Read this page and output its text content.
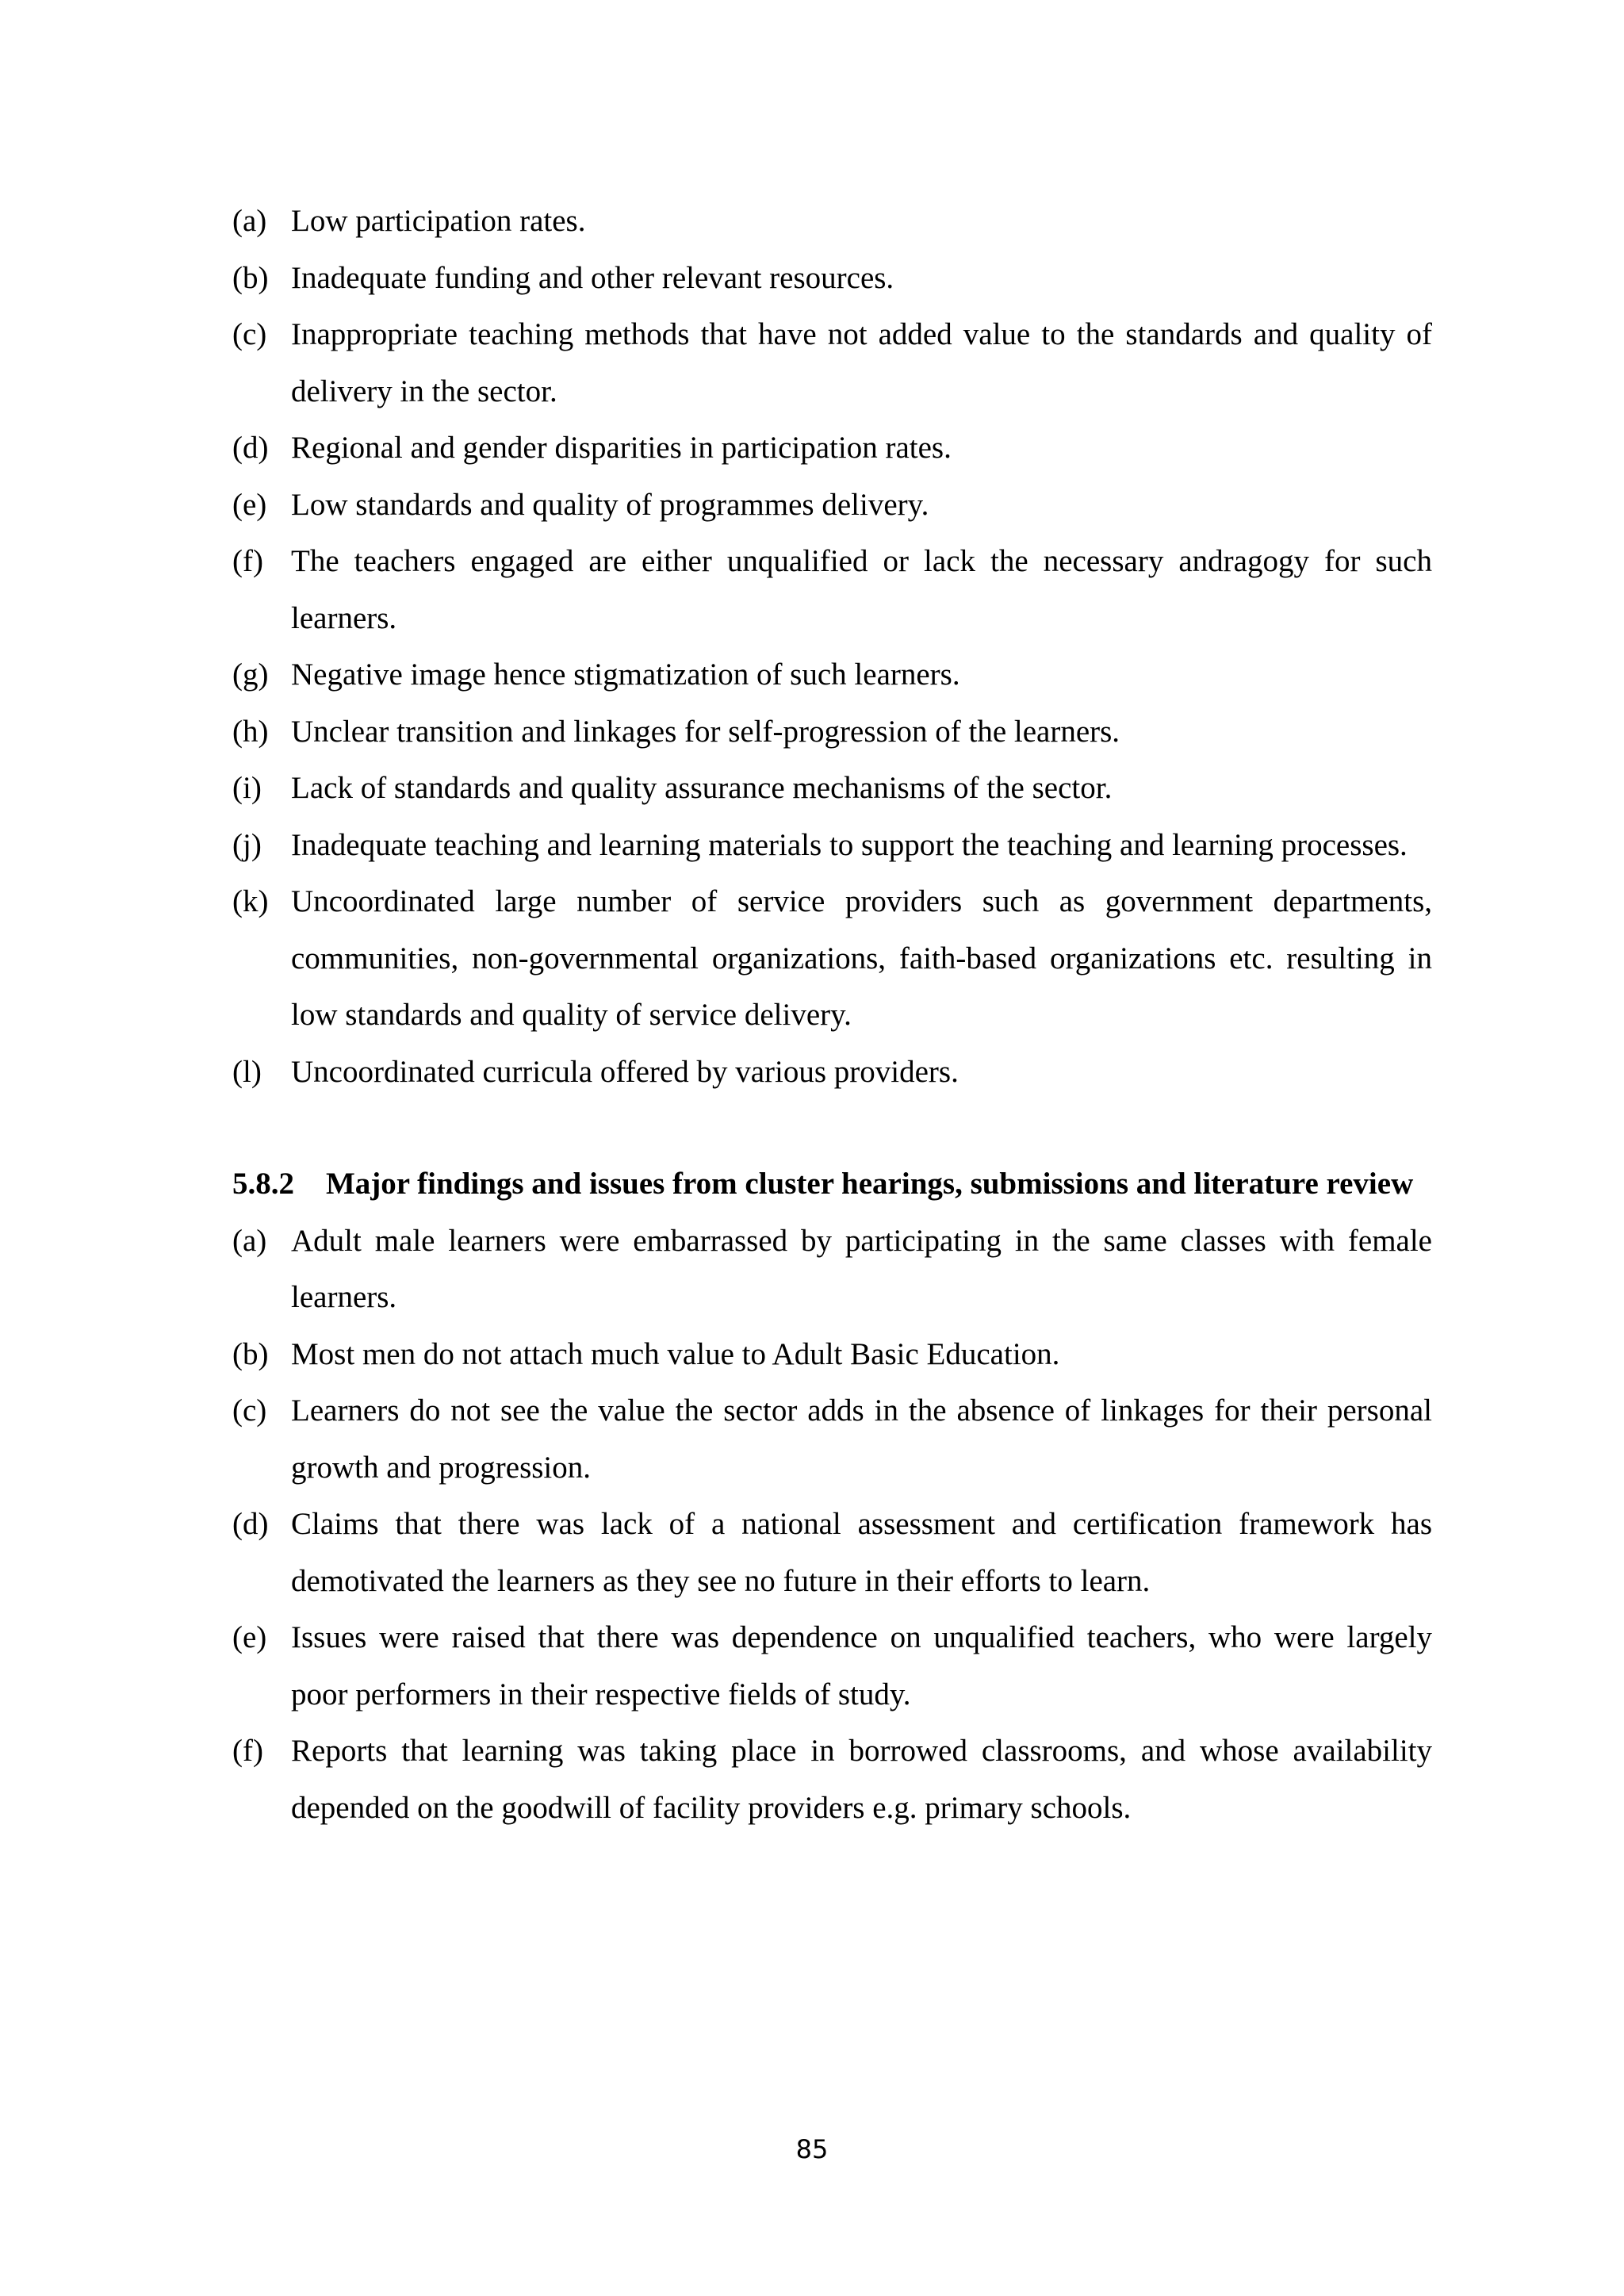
(a) Low participation rates.
(b) Inadequate funding and other relevant resources.
(c) Inappropriate teaching methods that have not added value to the standards and quality of delivery in the sector.
(d) Regional and gender disparities in participation rates.
(e) Low standards and quality of programmes delivery.
(f) The teachers engaged are either unqualified or lack the necessary andragogy for such learners.
(g) Negative image hence stigmatization of such learners.
(h) Unclear transition and linkages for self-progression of the learners.
(i) Lack of standards and quality assurance mechanisms of the sector.
(j) Inadequate teaching and learning materials to support the teaching and learning processes.
(k) Uncoordinated large number of service providers such as government departments, communities, non-governmental organizations, faith-based organizations etc. resulting in low standards and quality of service delivery.
(l) Uncoordinated curricula offered by various providers.
5.8.2	Major findings and issues from cluster hearings, submissions and literature review
(a) Adult male learners were embarrassed by participating in the same classes with female learners.
(b) Most men do not attach much value to Adult Basic Education.
(c) Learners do not see the value the sector adds in the absence of linkages for their personal growth and progression.
(d) Claims that there was lack of a national assessment and certification framework has demotivated the learners as they see no future in their efforts to learn.
(e) Issues were raised that there was dependence on unqualified teachers, who were largely poor performers in their respective fields of study.
(f) Reports that learning was taking place in borrowed classrooms, and whose availability depended on the goodwill of facility providers e.g. primary schools.
85
